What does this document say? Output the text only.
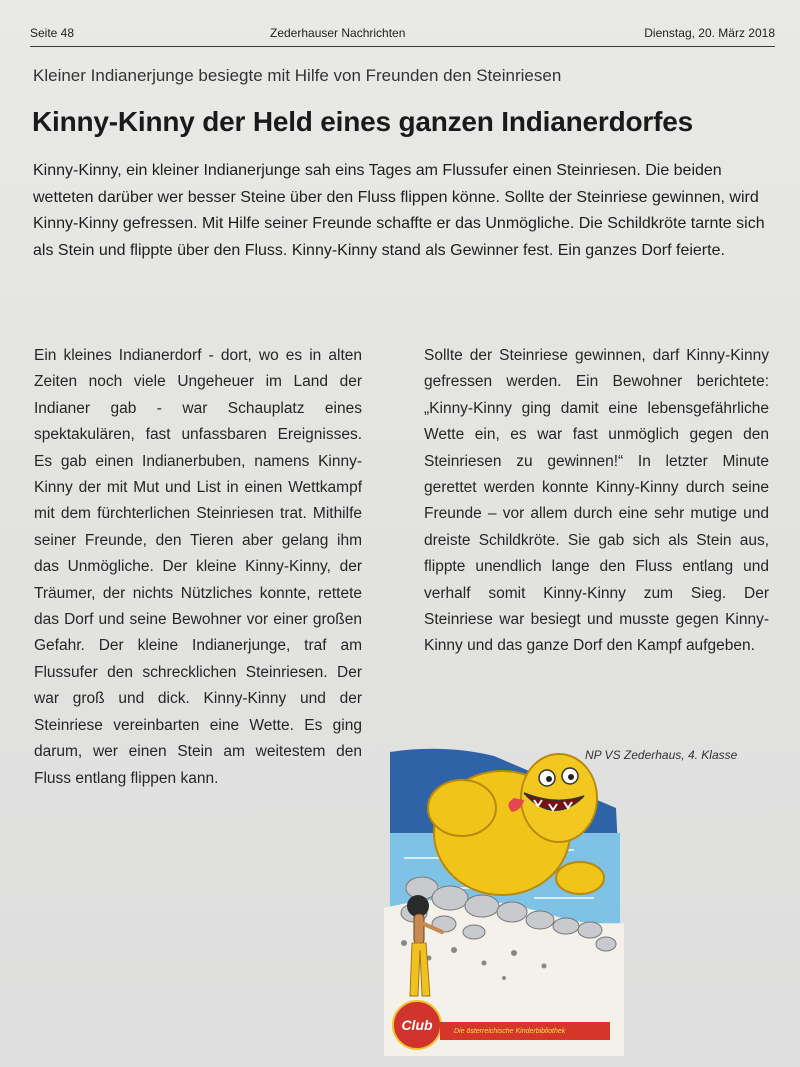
Seite 48	Zederhauser Nachrichten	Dienstag, 20. März 2018
Kleiner Indianerjunge besiegte mit Hilfe von Freunden den Steinriesen
Kinny-Kinny der Held eines ganzen Indianerdorfes
Kinny-Kinny, ein kleiner Indianerjunge sah eins Tages am Flussufer einen Steinriesen. Die beiden wetteten darüber wer besser Steine über den Fluss flippen könne. Sollte der Steinriese gewinnen, wird Kinny-Kinny gefressen. Mit Hilfe seiner Freunde schaffte er das Unmögliche. Die Schildkröte tarnte sich als Stein und flippte über den Fluss. Kinny-Kinny stand als Gewinner fest. Ein ganzes Dorf feierte.
Ein kleines Indianerdorf - dort, wo es in alten Zeiten noch viele Ungeheuer im Land der Indianer gab - war Schauplatz eines spektakulären, fast unfassbaren Ereignisses. Es gab einen Indianerbuben, namens Kinny-Kinny der mit Mut und List in einen Wettkampf mit dem fürchterlichen Steinriesen trat. Mithilfe seiner Freunde, den Tieren aber gelang ihm das Unmögliche. Der kleine Kinny-Kinny, der Träumer, der nichts Nützliches konnte, rettete das Dorf und seine Bewohner vor einer großen Gefahr. Der kleine Indianerjunge, traf am Flussufer den schrecklichen Steinriesen. Der war groß und dick. Kinny-Kinny und der Steinriese vereinbarten eine Wette. Es ging darum, wer einen Stein am weitestem den Fluss entlang flippen kann.
Sollte der Steinriese gewinnen, darf Kinny-Kinny gefressen werden. Ein Bewohner berichtete: „Kinny-Kinny ging damit eine lebensgefährliche Wette ein, es war fast unmöglich gegen den Steinriesen zu gewinnen!“ In letzter Minute gerettet werden konnte Kinny-Kinny durch seine Freunde – vor allem durch eine sehr mutige und dreiste Schildkröte. Sie gab sich als Stein aus, flippte unendlich lange den Fluss entlang und verhalf somit Kinny-Kinny zum Sieg. Der Steinriese war besiegt und musste gegen Kinny-Kinny und das ganze Dorf den Kampf aufgeben.
NP VS Zederhaus, 4. Klasse
Club	Die österreichische Kinderbibliothek
